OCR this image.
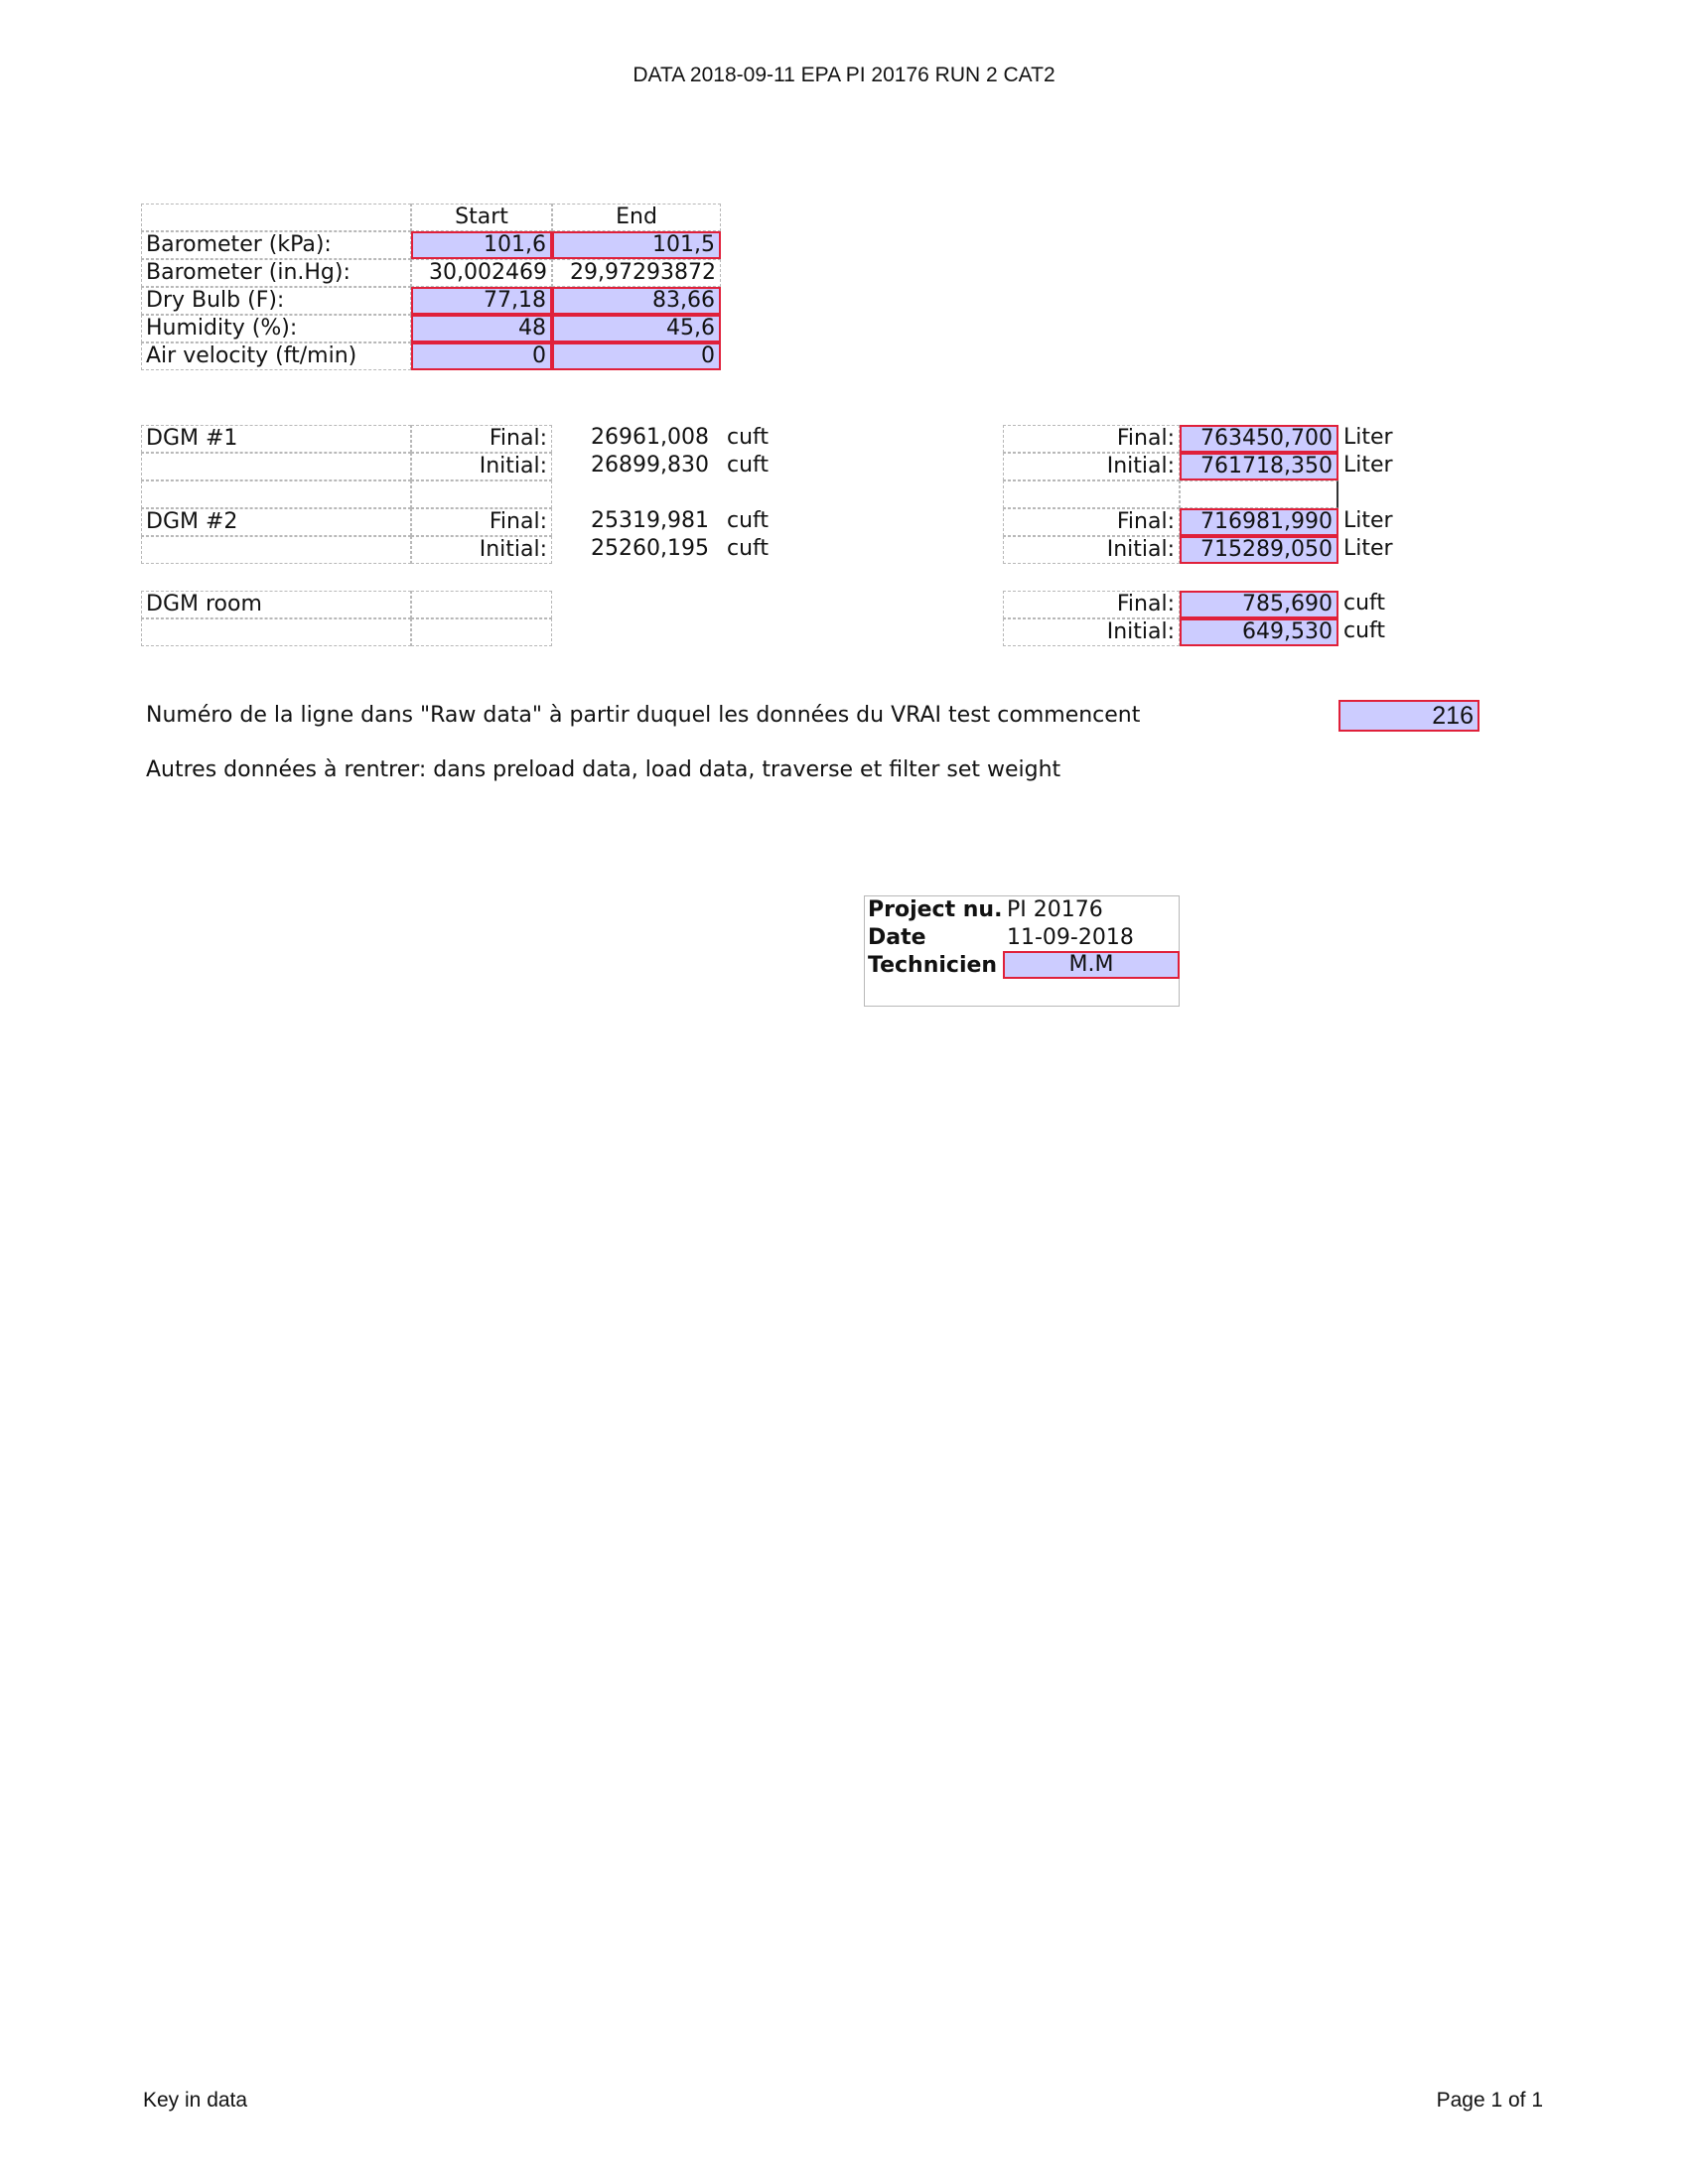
DATA 2018-09-11 EPA PI 20176 RUN 2 CAT2
Start	End
Barometer (kPa):	101,6	101,5
Barometer (in.Hg):	30,002469	29,97293872
Dry Bulb (F):	77,18	83,66
Humidity (%):	48	45,6
Air velocity (ft/min)	0	0
DGM #1	Final:	26961,008 cuft
Initial:	26899,830 cuft
DGM #2	Final:	25319,981 cuft
Initial:	25260,195 cuft
DGM room
Final:	763450,700 Liter
Initial:	761718,350 Liter
Final:	716981,990 Liter
Initial:	715289,050 Liter
Final:	785,690 cuft
Initial:	649,530 cuft
Numéro de la ligne dans "Raw data" à partir duquel les données du VRAI test commencent	216
Autres données à rentrer: dans preload data, load data, traverse et filter set weight
Project nu. PI 20176
Date	11-09-2018
Technicien	M.M
Key in data	Page 1 of 1
